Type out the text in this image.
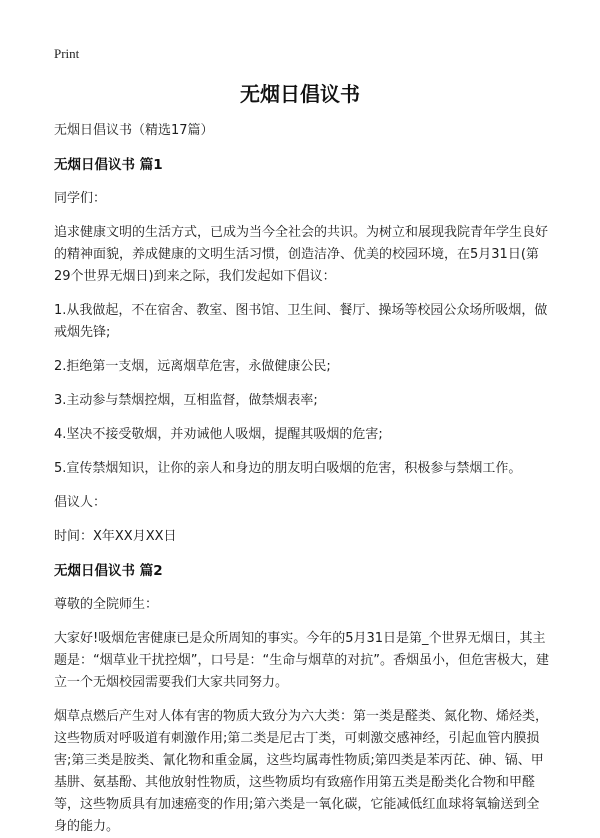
Print
无烟日倡议书

无烟日倡议书（精选17篇）

无烟日倡议书 篇1

同学们：

追求健康文明的生活方式，已成为当今全社会的共识。为树立和展现我院青年学生良好的精神面貌，养成健康的文明生活习惯，创造洁净、优美的校园环境，在5月31日(第29个世界无烟日)到来之际，我们发起如下倡议：

1.从我做起，不在宿舍、教室、图书馆、卫生间、餐厅、操场等校园公众场所吸烟，做戒烟先锋;

2.拒绝第一支烟，远离烟草危害，永做健康公民;

3.主动参与禁烟控烟，互相监督，做禁烟表率;

4.坚决不接受敬烟，并劝诫他人吸烟，提醒其吸烟的危害;

5.宣传禁烟知识，让你的亲人和身边的朋友明白吸烟的危害，积极参与禁烟工作。

倡议人：

时间：X年XX月XX日

无烟日倡议书 篇2

尊敬的全院师生：

大家好!吸烟危害健康已是众所周知的事实。今年的5月31日是第_个世界无烟日，其主题是：“烟草业干扰控烟”，口号是：“生命与烟草的对抗”。香烟虽小，但危害极大，建立一个无烟校园需要我们大家共同努力。

烟草点燃后产生对人体有害的物质大致分为六大类：第一类是醛类、氮化物、烯烃类，这些物质对呼吸道有刺激作用;第二类是尼古丁类，可刺激交感神经，引起血管内膜损害;第三类是胺类、氰化物和重金属，这些均属毒性物质;第四类是苯丙芘、砷、镉、甲基肼、氨基酚、其他放射性物质，这些物质均有致癌作用第五类是酚类化合物和甲醛等，这些物质具有加速癌变的作用;第六类是一氧化碳，它能减低红血球将氧输送到全身的能力。
